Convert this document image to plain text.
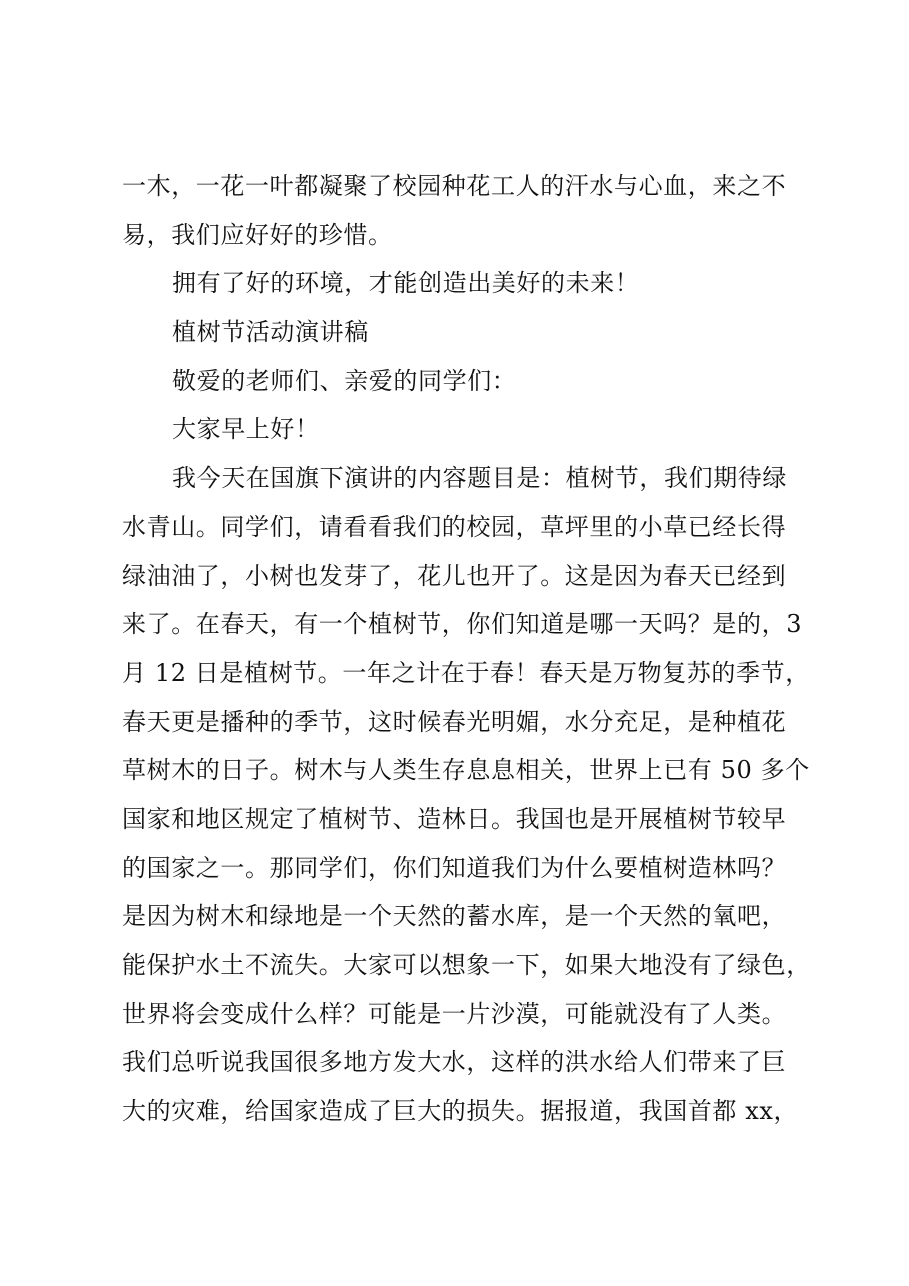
一木，一花一叶都凝聚了校园种花工人的汗水与心血，来之不
易，我们应好好的珍惜。
拥有了好的环境，才能创造出美好的未来！
植树节活动演讲稿
敬爱的老师们、亲爱的同学们：
大家早上好！
我今天在国旗下演讲的内容题目是：植树节，我们期待绿
水青山。同学们，请看看我们的校园，草坪里的小草已经长得
绿油油了，小树也发芽了，花儿也开了。这是因为春天已经到
来了。在春天，有一个植树节，你们知道是哪一天吗？是的，3
月 12 日是植树节。一年之计在于春！春天是万物复苏的季节，
春天更是播种的季节，这时候春光明媚，水分充足，是种植花
草树木的日子。树木与人类生存息息相关，世界上已有 50 多个
国家和地区规定了植树节、造林日。我国也是开展植树节较早
的国家之一。那同学们，你们知道我们为什么要植树造林吗？
是因为树木和绿地是一个天然的蓄水库，是一个天然的氧吧，
能保护水土不流失。大家可以想象一下，如果大地没有了绿色，
世界将会变成什么样？可能是一片沙漠，可能就没有了人类。
我们总听说我国很多地方发大水，这样的洪水给人们带来了巨
大的灾难，给国家造成了巨大的损失。据报道，我国首都 xx，
